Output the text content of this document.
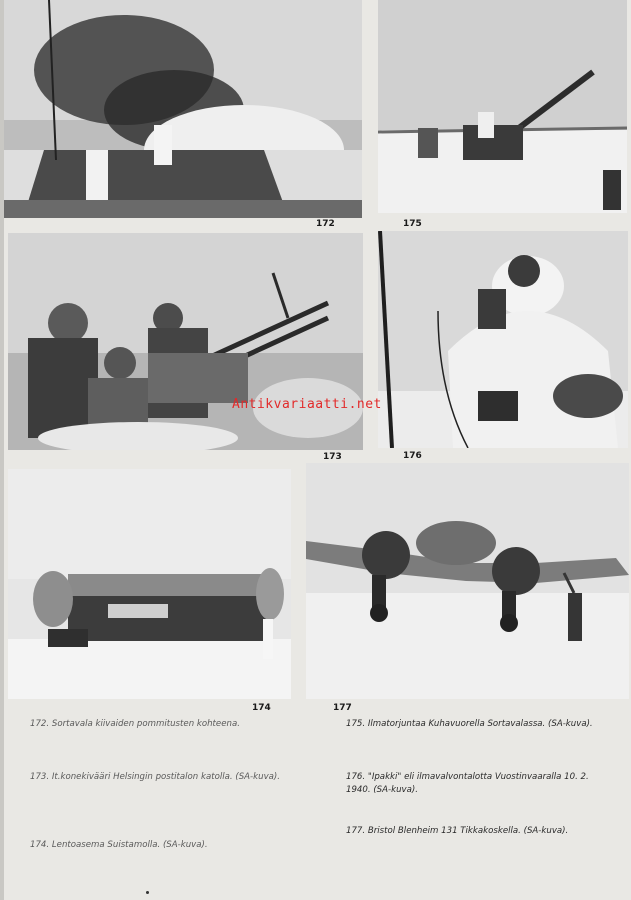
172	175
173	176
174	177
Antikvariaatti.net
172. Sortavala kiivaiden pommitusten kohteena.
173. It.konekivääri Helsingin postitalon katolla. (SA-kuva).
174. Lentoasema Suistamolla. (SA-kuva).
175. Ilmatorjuntaa Kuhavuorella Sortavalassa. (SA-kuva).
176. "Ipakki" eli ilmavalvontalotta Vuostinvaaralla 10. 2. 1940. (SA-kuva).
177. Bristol Blenheim 131 Tikkakoskella. (SA-kuva).
